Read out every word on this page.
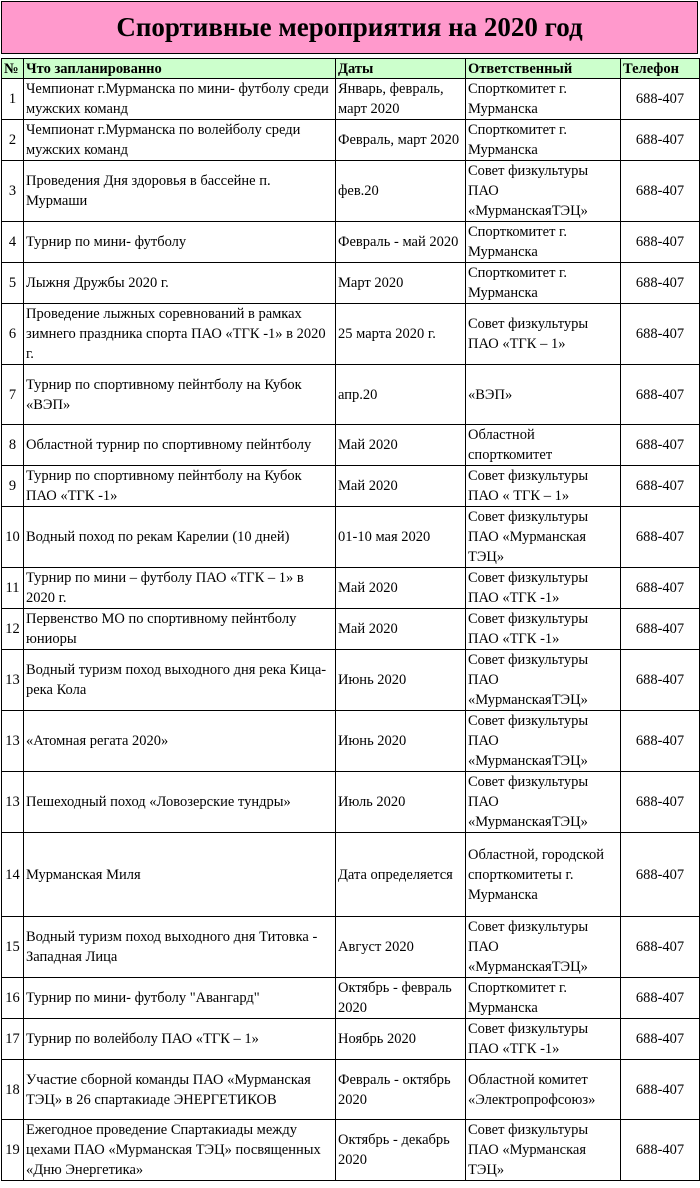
Спортивные мероприятия на 2020 год
№	Что запланированно	Даты	Ответственный	Телефон
1	Чемпионат г.Мурманска по мини- футболу среди мужских команд	Январь, февраль, март 2020	Спорткомитет г. Мурманска	688-407
2	Чемпионат г.Мурманска по волейболу среди мужских команд	Февраль, март 2020	Спорткомитет г. Мурманска	688-407
3	Проведения Дня здоровья в бассейне п. Мурмаши	фев.20	Совет физкультуры ПАО «МурманскаяТЭЦ»	688-407
4	Турнир по мини- футболу	Февраль - май 2020	Спорткомитет г. Мурманска	688-407
5	Лыжня Дружбы 2020 г.	Март 2020	Спорткомитет г. Мурманска	688-407
6	Проведение лыжных соревнований в рамках зимнего праздника спорта ПАО «ТГК -1» в 2020 г.	25 марта 2020 г.	Совет физкультуры ПАО «ТГК – 1»	688-407
7	Турнир по спортивному пейнтболу на Кубок «ВЭП»	апр.20	«ВЭП»	688-407
8	Областной турнир по спортивному пейнтболу	Май 2020	Областной спорткомитет	688-407
9	Турнир по спортивному пейнтболу на Кубок ПАО «ТГК -1»	Май 2020	Совет физкультуры ПАО « ТГК – 1»	688-407
10	Водный поход по рекам Карелии (10 дней)	01-10 мая 2020	Совет физкультуры ПАО «Мурманская ТЭЦ»	688-407
11	Турнир по мини – футболу ПАО «ТГК – 1» в 2020 г.	Май 2020	Совет физкультуры ПАО «ТГК -1»	688-407
12	Первенство МО по спортивному пейнтболу юниоры	Май 2020	Совет физкультуры ПАО «ТГК -1»	688-407
13	Водный туризм поход выходного дня река Кица- река Кола	Июнь 2020	Совет физкультуры ПАО «МурманскаяТЭЦ»	688-407
13	«Атомная регата 2020»	Июнь 2020	Совет физкультуры ПАО «МурманскаяТЭЦ»	688-407
13	Пешеходный поход «Ловозерские тундры»	Июль 2020	Совет физкультуры ПАО «МурманскаяТЭЦ»	688-407
14	Мурманская Миля	Дата определяется	Областной, городской спорткомитеты г. Мурманска	688-407
15	Водный туризм поход выходного дня Титовка - Западная Лица	Август 2020	Совет физкультуры ПАО «МурманскаяТЭЦ»	688-407
16	Турнир по мини- футболу "Авангард"	Октябрь - февраль 2020	Спорткомитет г. Мурманска	688-407
17	Турнир по волейболу ПАО «ТГК – 1»	Ноябрь 2020	Совет физкультуры ПАО «ТГК -1»	688-407
18	Участие сборной команды ПАО «Мурманская ТЭЦ» в 26 спартакиаде ЭНЕРГЕТИКОВ	Февраль - октябрь 2020	Областной комитет «Электропрофсоюз»	688-407
19	Ежегодное проведение Спартакиады между цехами ПАО «Мурманская ТЭЦ» посвященных «Дню Энергетика»	Октябрь - декабрь 2020	Совет физкультуры ПАО «Мурманская ТЭЦ»	688-407
